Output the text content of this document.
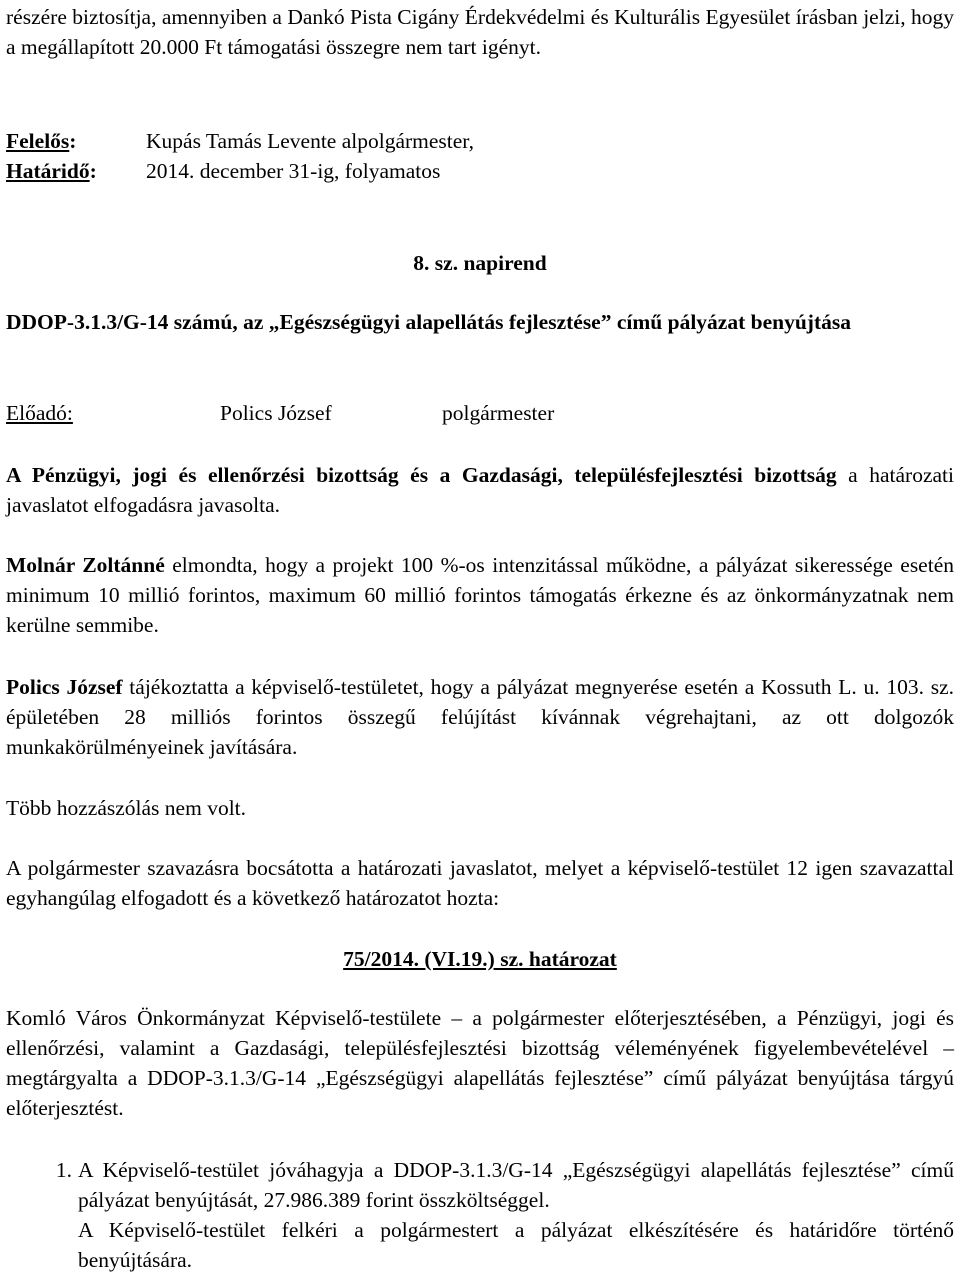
részére biztosítja, amennyiben a Dankó Pista Cigány Érdekvédelmi és Kulturális Egyesület írásban jelzi, hogy a megállapított 20.000 Ft támogatási összegre nem tart igényt.

Felelős:	Kupás Tamás Levente alpolgármester,
Határidő:	2014. december 31-ig, folyamatos

8. sz. napirend

DDOP-3.1.3/G-14 számú, az „Egészségügyi alapellátás fejlesztése” című pályázat benyújtása

Előadó:	Polics József	polgármester

A Pénzügyi, jogi és ellenőrzési bizottság és a Gazdasági, településfejlesztési bizottság a határozati javaslatot elfogadásra javasolta.

Molnár Zoltánné elmondta, hogy a projekt 100 %-os intenzitással működne, a pályázat sikeressége esetén minimum 10 millió forintos, maximum 60 millió forintos támogatás érkezne és az önkormányzatnak nem kerülne semmibe.

Polics József tájékoztatta a képviselő-testületet, hogy a pályázat megnyerése esetén a Kossuth L. u. 103. sz. épületében 28 milliós forintos összegű felújítást kívánnak végrehajtani, az ott dolgozók munkakörülményeinek javítására.

Több hozzászólás nem volt.

A polgármester szavazásra bocsátotta a határozati javaslatot, melyet a képviselő-testület 12 igen szavazattal egyhangúlag elfogadott és a következő határozatot hozta:

75/2014. (VI.19.) sz. határozat

Komló Város Önkormányzat Képviselő-testülete – a polgármester előterjesztésében, a Pénzügyi, jogi és ellenőrzési, valamint a Gazdasági, településfejlesztési bizottság véleményének figyelembevételével – megtárgyalta a DDOP-3.1.3/G-14 „Egészségügyi alapellátás fejlesztése” című pályázat benyújtása tárgyú előterjesztést.

1. A Képviselő-testület jóváhagyja a DDOP-3.1.3/G-14 „Egészségügyi alapellátás fejlesztése” című pályázat benyújtását, 27.986.389 forint összköltséggel.
A Képviselő-testület felkéri a polgármestert a pályázat elkészítésére és határidőre történő benyújtására.
